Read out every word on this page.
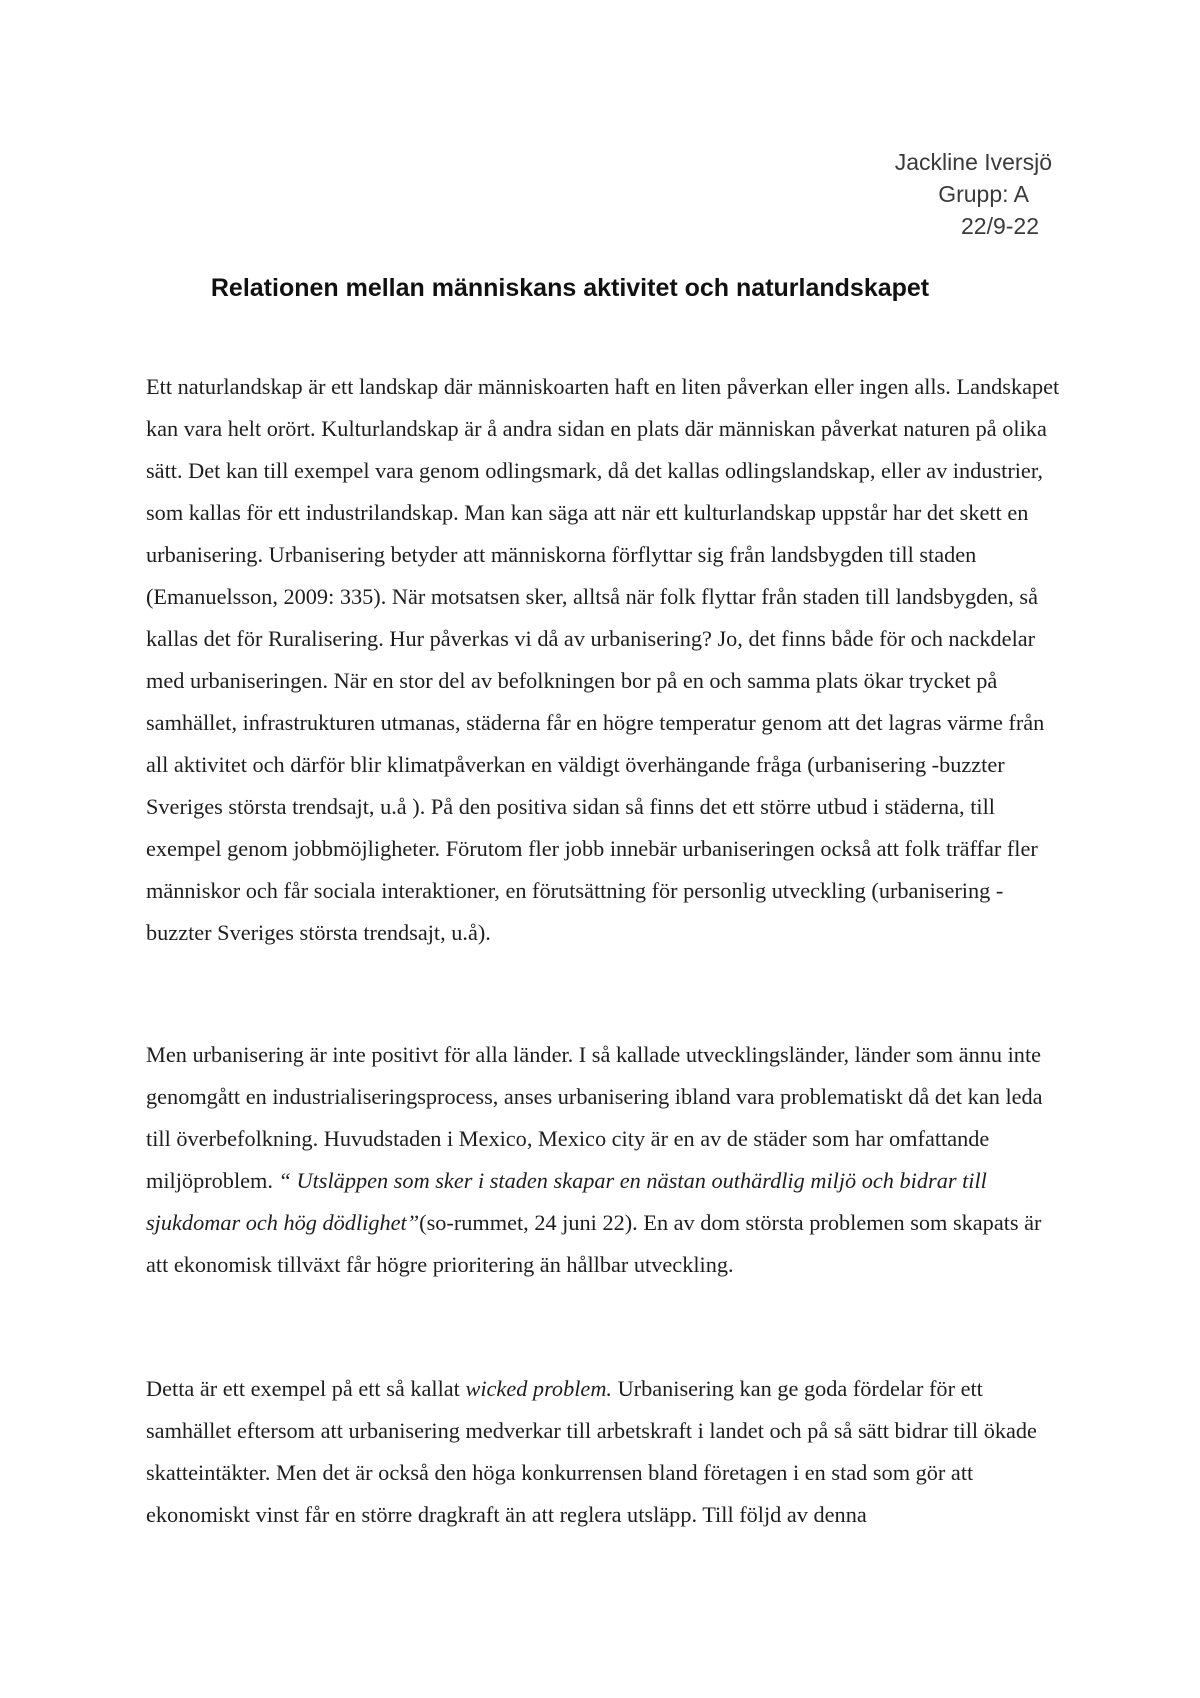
Jackline Iversjö
Grupp: A
22/9-22
Relationen mellan människans aktivitet och naturlandskapet

Ett naturlandskap är ett landskap där människoarten haft en liten påverkan eller ingen alls. Landskapet kan vara helt orört. Kulturlandskap är å andra sidan en plats där människan påverkat naturen på olika sätt. Det kan till exempel vara genom odlingsmark, då det kallas odlingslandskap, eller av industrier, som kallas för ett industrilandskap. Man kan säga att när ett kulturlandskap uppstår har det skett en urbanisering. Urbanisering betyder att människorna förflyttar sig från landsbygden till staden (Emanuelsson, 2009: 335). När motsatsen sker, alltså när folk flyttar från staden till landsbygden, så kallas det för Ruralisering. Hur påverkas vi då av urbanisering? Jo, det finns både för och nackdelar med urbaniseringen. När en stor del av befolkningen bor på en och samma plats ökar trycket på samhället, infrastrukturen utmanas, städerna får en högre temperatur genom att det lagras värme från all aktivitet och därför blir klimatpåverkan en väldigt överhängande fråga (urbanisering -buzzter Sveriges största trendsajt, u.å ). På den positiva sidan så finns det ett större utbud i städerna, till exempel genom jobbmöjligheter. Förutom fler jobb innebär urbaniseringen också att folk träffar fler människor och får sociala interaktioner, en förutsättning för personlig utveckling (urbanisering -buzzter Sveriges största trendsajt, u.å).

Men urbanisering är inte positivt för alla länder. I så kallade utvecklingsländer, länder som ännu inte genomgått en industrialiseringsprocess, anses urbanisering ibland vara problematiskt då det kan leda till överbefolkning. Huvudstaden i Mexico, Mexico city är en av de städer som har omfattande miljöproblem. “ Utsläppen som sker i staden skapar en nästan outhärdlig miljö och bidrar till sjukdomar och hög dödlighet”(so-rummet, 24 juni 22). En av dom största problemen som skapats är att ekonomisk tillväxt får högre prioritering än hållbar utveckling.

Detta är ett exempel på ett så kallat wicked problem. Urbanisering kan ge goda fördelar för ett samhället eftersom att urbanisering medverkar till arbetskraft i landet och på så sätt bidrar till ökade skatteintäkter. Men det är också den höga konkurrensen bland företagen i en stad som gör att ekonomiskt vinst får en större dragkraft än att reglera utsläpp. Till följd av denna
